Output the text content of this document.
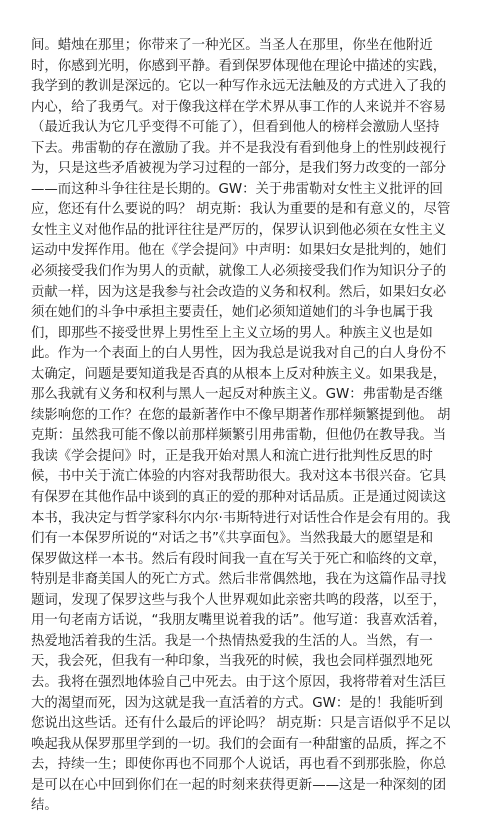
间。蜡烛在那里；你带来了一种光区。当圣人在那里，你坐在他附近
时，你感到光明，你感到平静。看到保罗体现他在理论中描述的实践，
我学到的教训是深远的。它以一种写作永远无法触及的方式进入了我的
内心，给了我勇气。对于像我这样在学术界从事工作的人来说并不容易
（最近我认为它几乎变得不可能了），但看到他人的榜样会激励人坚持
下去。弗雷勒的存在激励了我。并不是我没有看到他身上的性别歧视行
为，只是这些矛盾被视为学习过程的一部分，是我们努力改变的一部分
——而这种斗争往往是长期的。GW：关于弗雷勒对女性主义批评的回
应，您还有什么要说的吗？ 胡克斯：我认为重要的是和有意义的，尽管
女性主义对他作品的批评往往是严厉的，保罗认识到他必须在女性主义
运动中发挥作用。他在《学会提问》中声明：如果妇女是批判的，她们
必须接受我们作为男人的贡献，就像工人必须接受我们作为知识分子的
贡献一样，因为这是我参与社会改造的义务和权利。然后，如果妇女必
须在她们的斗争中承担主要责任，她们必须知道她们的斗争也属于我
们，即那些不接受世界上男性至上主义立场的男人。种族主义也是如
此。作为一个表面上的白人男性，因为我总是说我对自己的白人身份不
太确定，问题是要知道我是否真的从根本上反对种族主义。如果我是，
那么我就有义务和权利与黑人一起反对种族主义。GW：弗雷勒是否继
续影响您的工作？在您的最新著作中不像早期著作那样频繁提到他。 胡
克斯：虽然我可能不像以前那样频繁引用弗雷勒，但他仍在教导我。当
我读《学会提问》时，正是我开始对黑人和流亡进行批判性反思的时
候，书中关于流亡体验的内容对我帮助很大。我对这本书很兴奋。它具
有保罗在其他作品中谈到的真正的爱的那种对话品质。正是通过阅读这
本书，我决定与哲学家科尔内尔·韦斯特进行对话性合作是会有用的。我
们有一本保罗所说的“对话之书”《共享面包》。当然我最大的愿望是和
保罗做这样一本书。然后有段时间我一直在写关于死亡和临终的文章，
特别是非裔美国人的死亡方式。然后非常偶然地，我在为这篇作品寻找
题词，发现了保罗这些与我个人世界观如此亲密共鸣的段落，以至于，
用一句老南方话说，“我朋友嘴里说着我的话”。他写道：我喜欢活着，
热爱地活着我的生活。我是一个热情热爱我的生活的人。当然，有一
天，我会死，但我有一种印象，当我死的时候，我也会同样强烈地死
去。我将在强烈地体验自己中死去。由于这个原因，我将带着对生活巨
大的渴望而死，因为这就是我一直活着的方式。GW：是的！我能听到
您说出这些话。还有什么最后的评论吗？ 胡克斯：只是言语似乎不足以
唤起我从保罗那里学到的一切。我们的会面有一种甜蜜的品质，挥之不
去，持续一生；即使你再也不同那个人说话，再也看不到那张脸，你总
是可以在心中回到你们在一起的时刻来获得更新——这是一种深刻的团
结。
